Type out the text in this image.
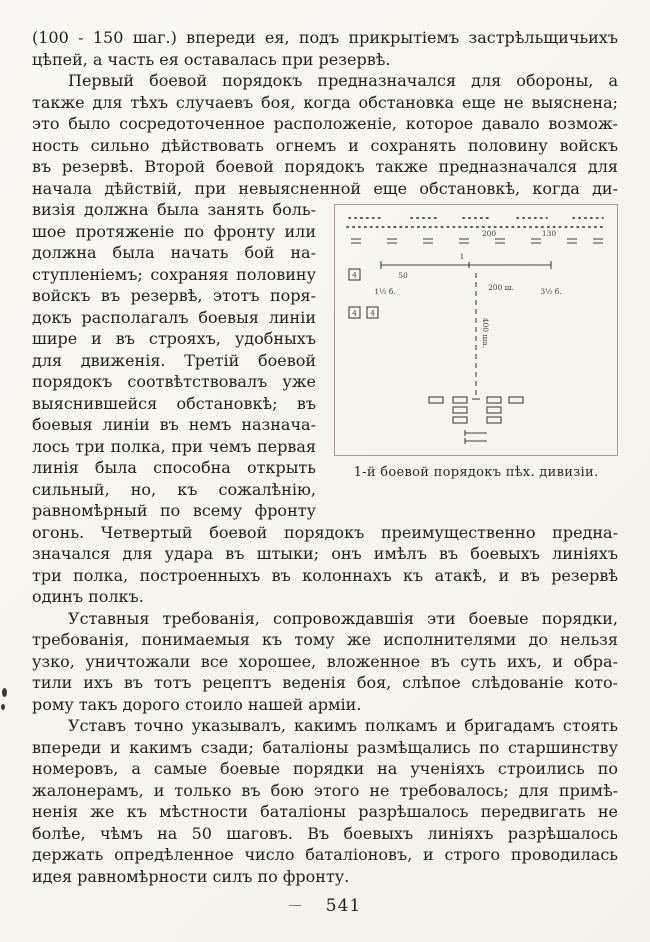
(100 - 150 шаг.) впереди ея, подъ прикрытіемъ застрѣльщичьихъ
цѣпей, а часть ея оставалась при резервѣ.
Первый боевой порядокъ предназначался для обороны, а
также для тѣхъ случаевъ боя, когда обстановка еще не выяснена;
это было сосредоточенное расположеніе, которое давало возмож-
ность сильно дѣйствовать огнемъ и сохранять половину войскъ
въ резервѣ. Второй боевой порядокъ также предназначался для
начала дѣйствій, при невыясненной еще обстановкѣ, когда ди-
визія должна была занять боль-
шое протяженіе по фронту или
должна была начать бой на-
ступленіемъ; сохраняя половину
войскъ въ резервѣ, этотъ поря-
докъ располагалъ боевыя линіи
шире и въ строяхъ, удобныхъ
для движенія. Третій боевой
порядокъ соотвѣтствовалъ уже
выяснившейся обстановкѣ; въ
боевыя линіи въ немъ назнача-
лось три полка, при чемъ первая
линія была способна открыть
сильный, но, къ сожалѣнію,
равномѣрный по всему фронту
200	130
1
50
200 ш.
4
4 4
1½ б.	3½ б.
400 ша.
1-й боевой порядокъ пѣх. дивизіи.
огонь. Четвертый боевой порядокъ преимущественно предна-
значался для удара въ штыки; онъ имѣлъ въ боевыхъ линіяхъ
три полка, построенныхъ въ колоннахъ къ атакѣ, и въ резервѣ
одинъ полкъ.
Уставныя требованія, сопровождавшія эти боевые порядки,
требованія, понимаемыя къ тому же исполнителями до нельзя
узко, уничтожали все хорошее, вложенное въ суть ихъ, и обра-
тили ихъ въ тотъ рецептъ веденія боя, слѣпое слѣдованіе кото-
рому такъ дорого стоило нашей арміи.
Уставъ точно указывалъ, какимъ полкамъ и бригадамъ стоять
впереди и какимъ сзади; баталіоны размѣщались по старшинству
номеровъ, а самые боевые порядки на ученіяхъ строились по
жалонерамъ, и только въ бою этого не требовалось; для примѣ-
ненія же къ мѣстности баталіоны разрѣшалось передвигать не
болѣе, чѣмъ на 50 шаговъ. Въ боевыхъ линіяхъ разрѣшалось
держать опредѣленное число баталіоновъ, и строго проводилась
идея равномѣрности силъ по фронту.
— 541
